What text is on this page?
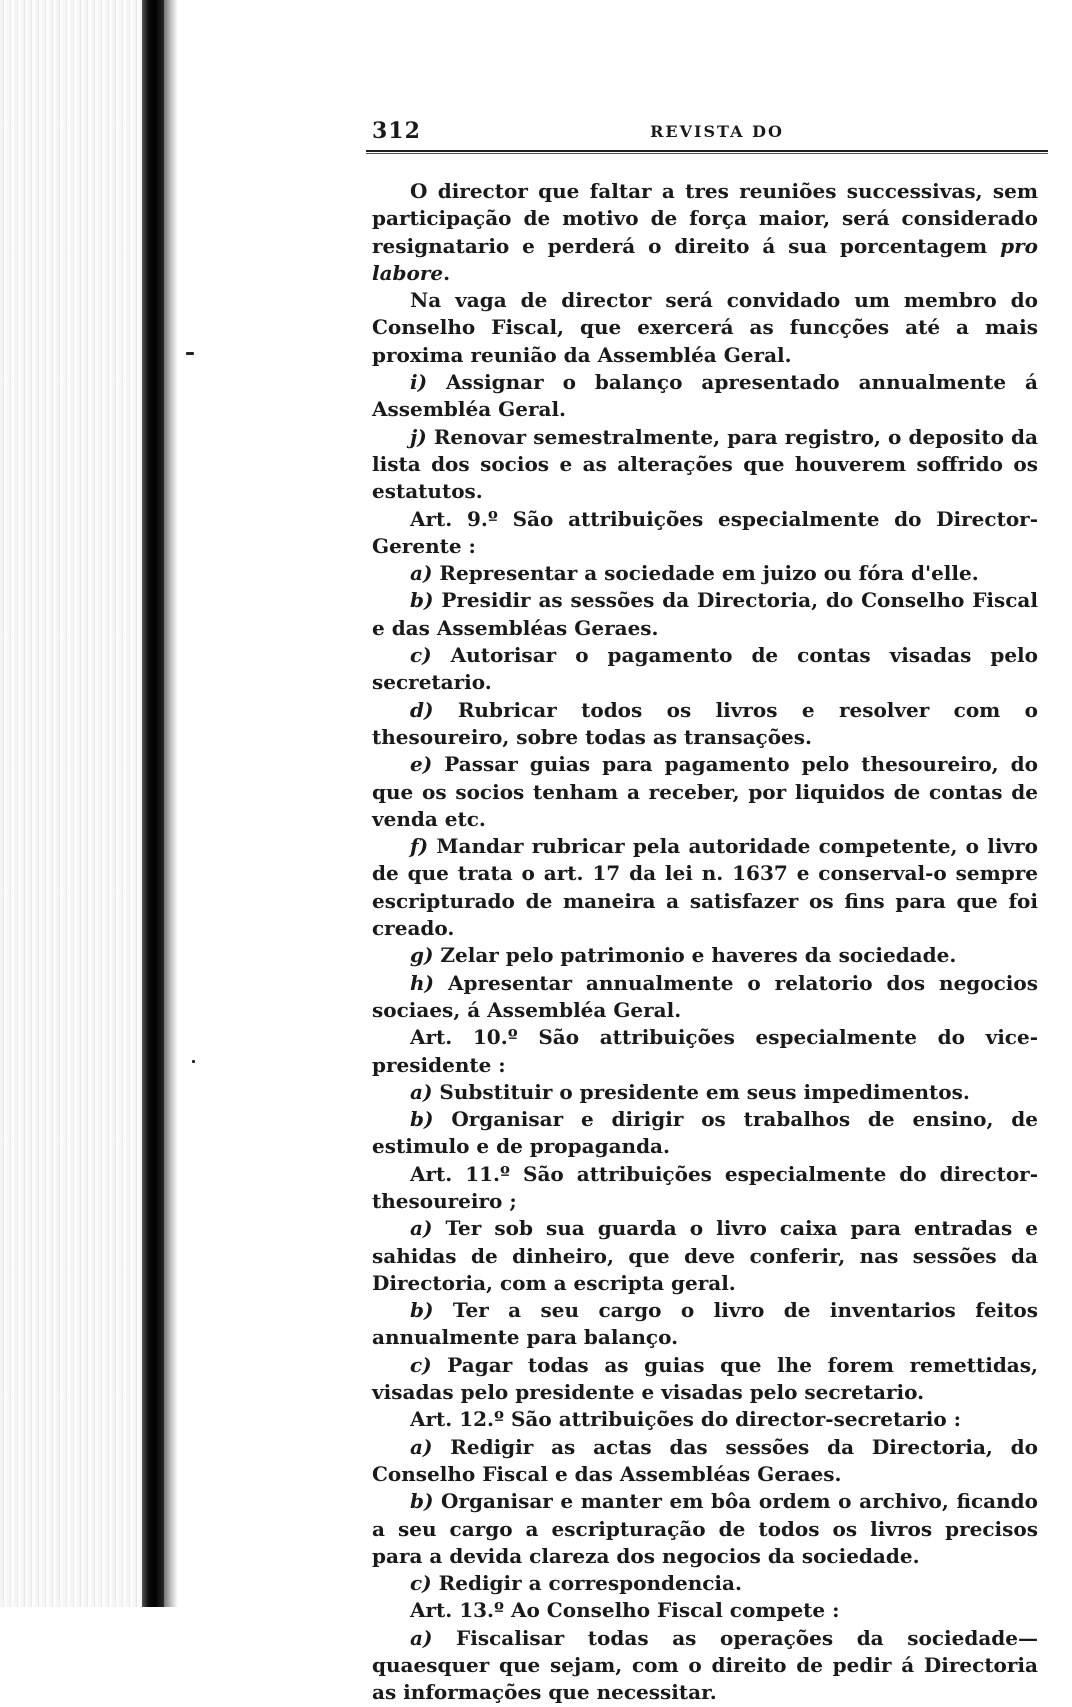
312	REVISTA DO

O director que faltar a tres reuniões successivas, sem participação de motivo de força maior, será considerado resignatario e perderá o direito á sua porcentagem pro labore.

Na vaga de director será convidado um membro do Conselho Fiscal, que exercerá as funcções até a mais proxima reunião da Assembléa Geral.

i) Assignar o balanço apresentado annualmente á Assembléa Geral.

j) Renovar semestralmente, para registro, o deposito da lista dos socios e as alterações que houverem soffrido os estatutos.

Art. 9.º São attribuições especialmente do Director-Gerente :

a) Representar a sociedade em juizo ou fóra d'elle.

b) Presidir as sessões da Directoria, do Conselho Fiscal e das Assembléas Geraes.

c) Autorisar o pagamento de contas visadas pelo secretario.

d) Rubricar todos os livros e resolver com o thesoureiro, sobre todas as transações.

e) Passar guias para pagamento pelo thesoureiro, do que os socios tenham a receber, por liquidos de contas de venda etc.

f) Mandar rubricar pela autoridade competente, o livro de que trata o art. 17 da lei n. 1637 e conserval-o sempre escripturado de maneira a satisfazer os fins para que foi creado.

g) Zelar pelo patrimonio e haveres da sociedade.

h) Apresentar annualmente o relatorio dos negocios sociaes, á Assembléa Geral.

Art. 10.º São attribuições especialmente do vice-presidente :

a) Substituir o presidente em seus impedimentos.

b) Organisar e dirigir os trabalhos de ensino, de estimulo e de propaganda.

Art. 11.º São attribuições especialmente do director-thesoureiro ;

a) Ter sob sua guarda o livro caixa para entradas e sahidas de dinheiro, que deve conferir, nas sessões da Directoria, com a escripta geral.

b) Ter a seu cargo o livro de inventarios feitos annualmente para balanço.

c) Pagar todas as guias que lhe forem remettidas, visadas pelo presidente e visadas pelo secretario.

Art. 12.º São attribuições do director-secretario :

a) Redigir as actas das sessões da Directoria, do Conselho Fiscal e das Assembléas Geraes.

b) Organisar e manter em bôa ordem o archivo, ficando a seu cargo a escripturação de todos os livros precisos para a devida clareza dos negocios da sociedade.

c) Redigir a correspondencia.

Art. 13.º Ao Conselho Fiscal compete :

a) Fiscalisar todas as operações da sociedade—quaesquer que sejam, com o direito de pedir á Directoria as informações que necessitar.
